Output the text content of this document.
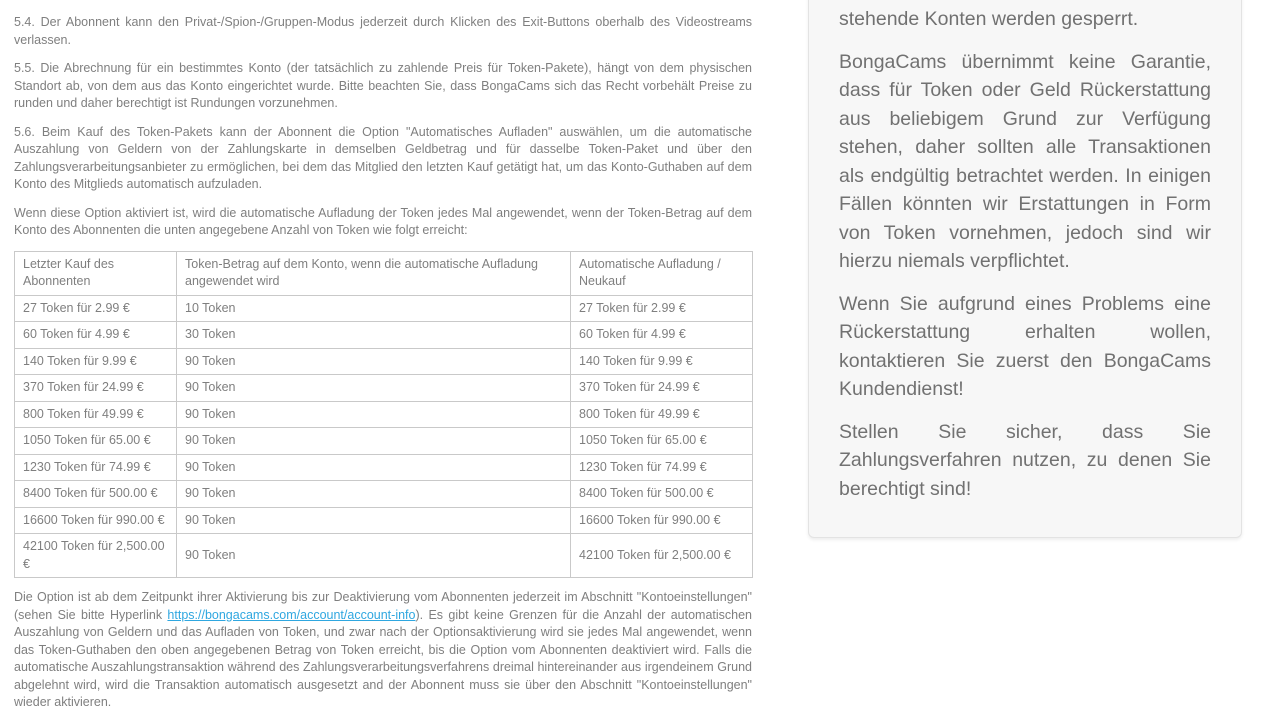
5.4. Der Abonnent kann den Privat-/Spion-/Gruppen-Modus jederzeit durch Klicken des Exit-Buttons oberhalb des Videostreams verlassen.

5.5. Die Abrechnung für ein bestimmtes Konto (der tatsächlich zu zahlende Preis für Token-Pakete), hängt von dem physischen Standort ab, von dem aus das Konto eingerichtet wurde. Bitte beachten Sie, dass BongaCams sich das Recht vorbehält Preise zu runden und daher berechtigt ist Rundungen vorzunehmen.

5.6. Beim Kauf des Token-Pakets kann der Abonnent die Option "Automatisches Aufladen" auswählen, um die automatische Auszahlung von Geldern von der Zahlungskarte in demselben Geldbetrag und für dasselbe Token-Paket und über den Zahlungsverarbeitungsanbieter zu ermöglichen, bei dem das Mitglied den letzten Kauf getätigt hat, um das Konto-Guthaben auf dem Konto des Mitglieds automatisch aufzuladen.

Wenn diese Option aktiviert ist, wird die automatische Aufladung der Token jedes Mal angewendet, wenn der Token-Betrag auf dem Konto des Abonnenten die unten angegebene Anzahl von Token wie folgt erreicht:

Letzter Kauf des Abonnenten	Token-Betrag auf dem Konto, wenn die automatische Aufladung angewendet wird	Automatische Aufladung / Neukauf
27 Token für 2.99 €	10 Token	27 Token für 2.99 €
60 Token für 4.99 €	30 Token	60 Token für 4.99 €
140 Token für 9.99 €	90 Token	140 Token für 9.99 €
370 Token für 24.99 €	90 Token	370 Token für 24.99 €
800 Token für 49.99 €	90 Token	800 Token für 49.99 €
1050 Token für 65.00 €	90 Token	1050 Token für 65.00 €
1230 Token für 74.99 €	90 Token	1230 Token für 74.99 €
8400 Token für 500.00 €	90 Token	8400 Token für 500.00 €
16600 Token für 990.00 €	90 Token	16600 Token für 990.00 €
42100 Token für 2,500.00 €	90 Token	42100 Token für 2,500.00 €

Die Option ist ab dem Zeitpunkt ihrer Aktivierung bis zur Deaktivierung vom Abonnenten jederzeit im Abschnitt "Kontoeinstellungen" (sehen Sie bitte Hyperlink https://bongacams.com/account/account-info). Es gibt keine Grenzen für die Anzahl der automatischen Auszahlung von Geldern und das Aufladen von Token, und zwar nach der Optionsaktivierung wird sie jedes Mal angewendet, wenn das Token-Guthaben den oben angegebenen Betrag von Token erreicht, bis die Option vom Abonnenten deaktiviert wird. Falls die automatische Auszahlungstransaktion während des Zahlungsverarbeitungsverfahrens dreimal hintereinander aus irgendeinem Grund abgelehnt wird, wird die Transaktion automatisch ausgesetzt and der Abonnent muss sie über den Abschnitt "Kontoeinstellungen" wieder aktivieren.

stehende Konten werden gesperrt.

BongaCams übernimmt keine Garantie, dass für Token oder Geld Rückerstattung aus beliebigem Grund zur Verfügung stehen, daher sollten alle Transaktionen als endgültig betrachtet werden. In einigen Fällen könnten wir Erstattungen in Form von Token vornehmen, jedoch sind wir hierzu niemals verpflichtet.

Wenn Sie aufgrund eines Problems eine Rückerstattung erhalten wollen, kontaktieren Sie zuerst den BongaCams Kundendienst!

Stellen Sie sicher, dass Sie Zahlungsverfahren nutzen, zu denen Sie berechtigt sind!
